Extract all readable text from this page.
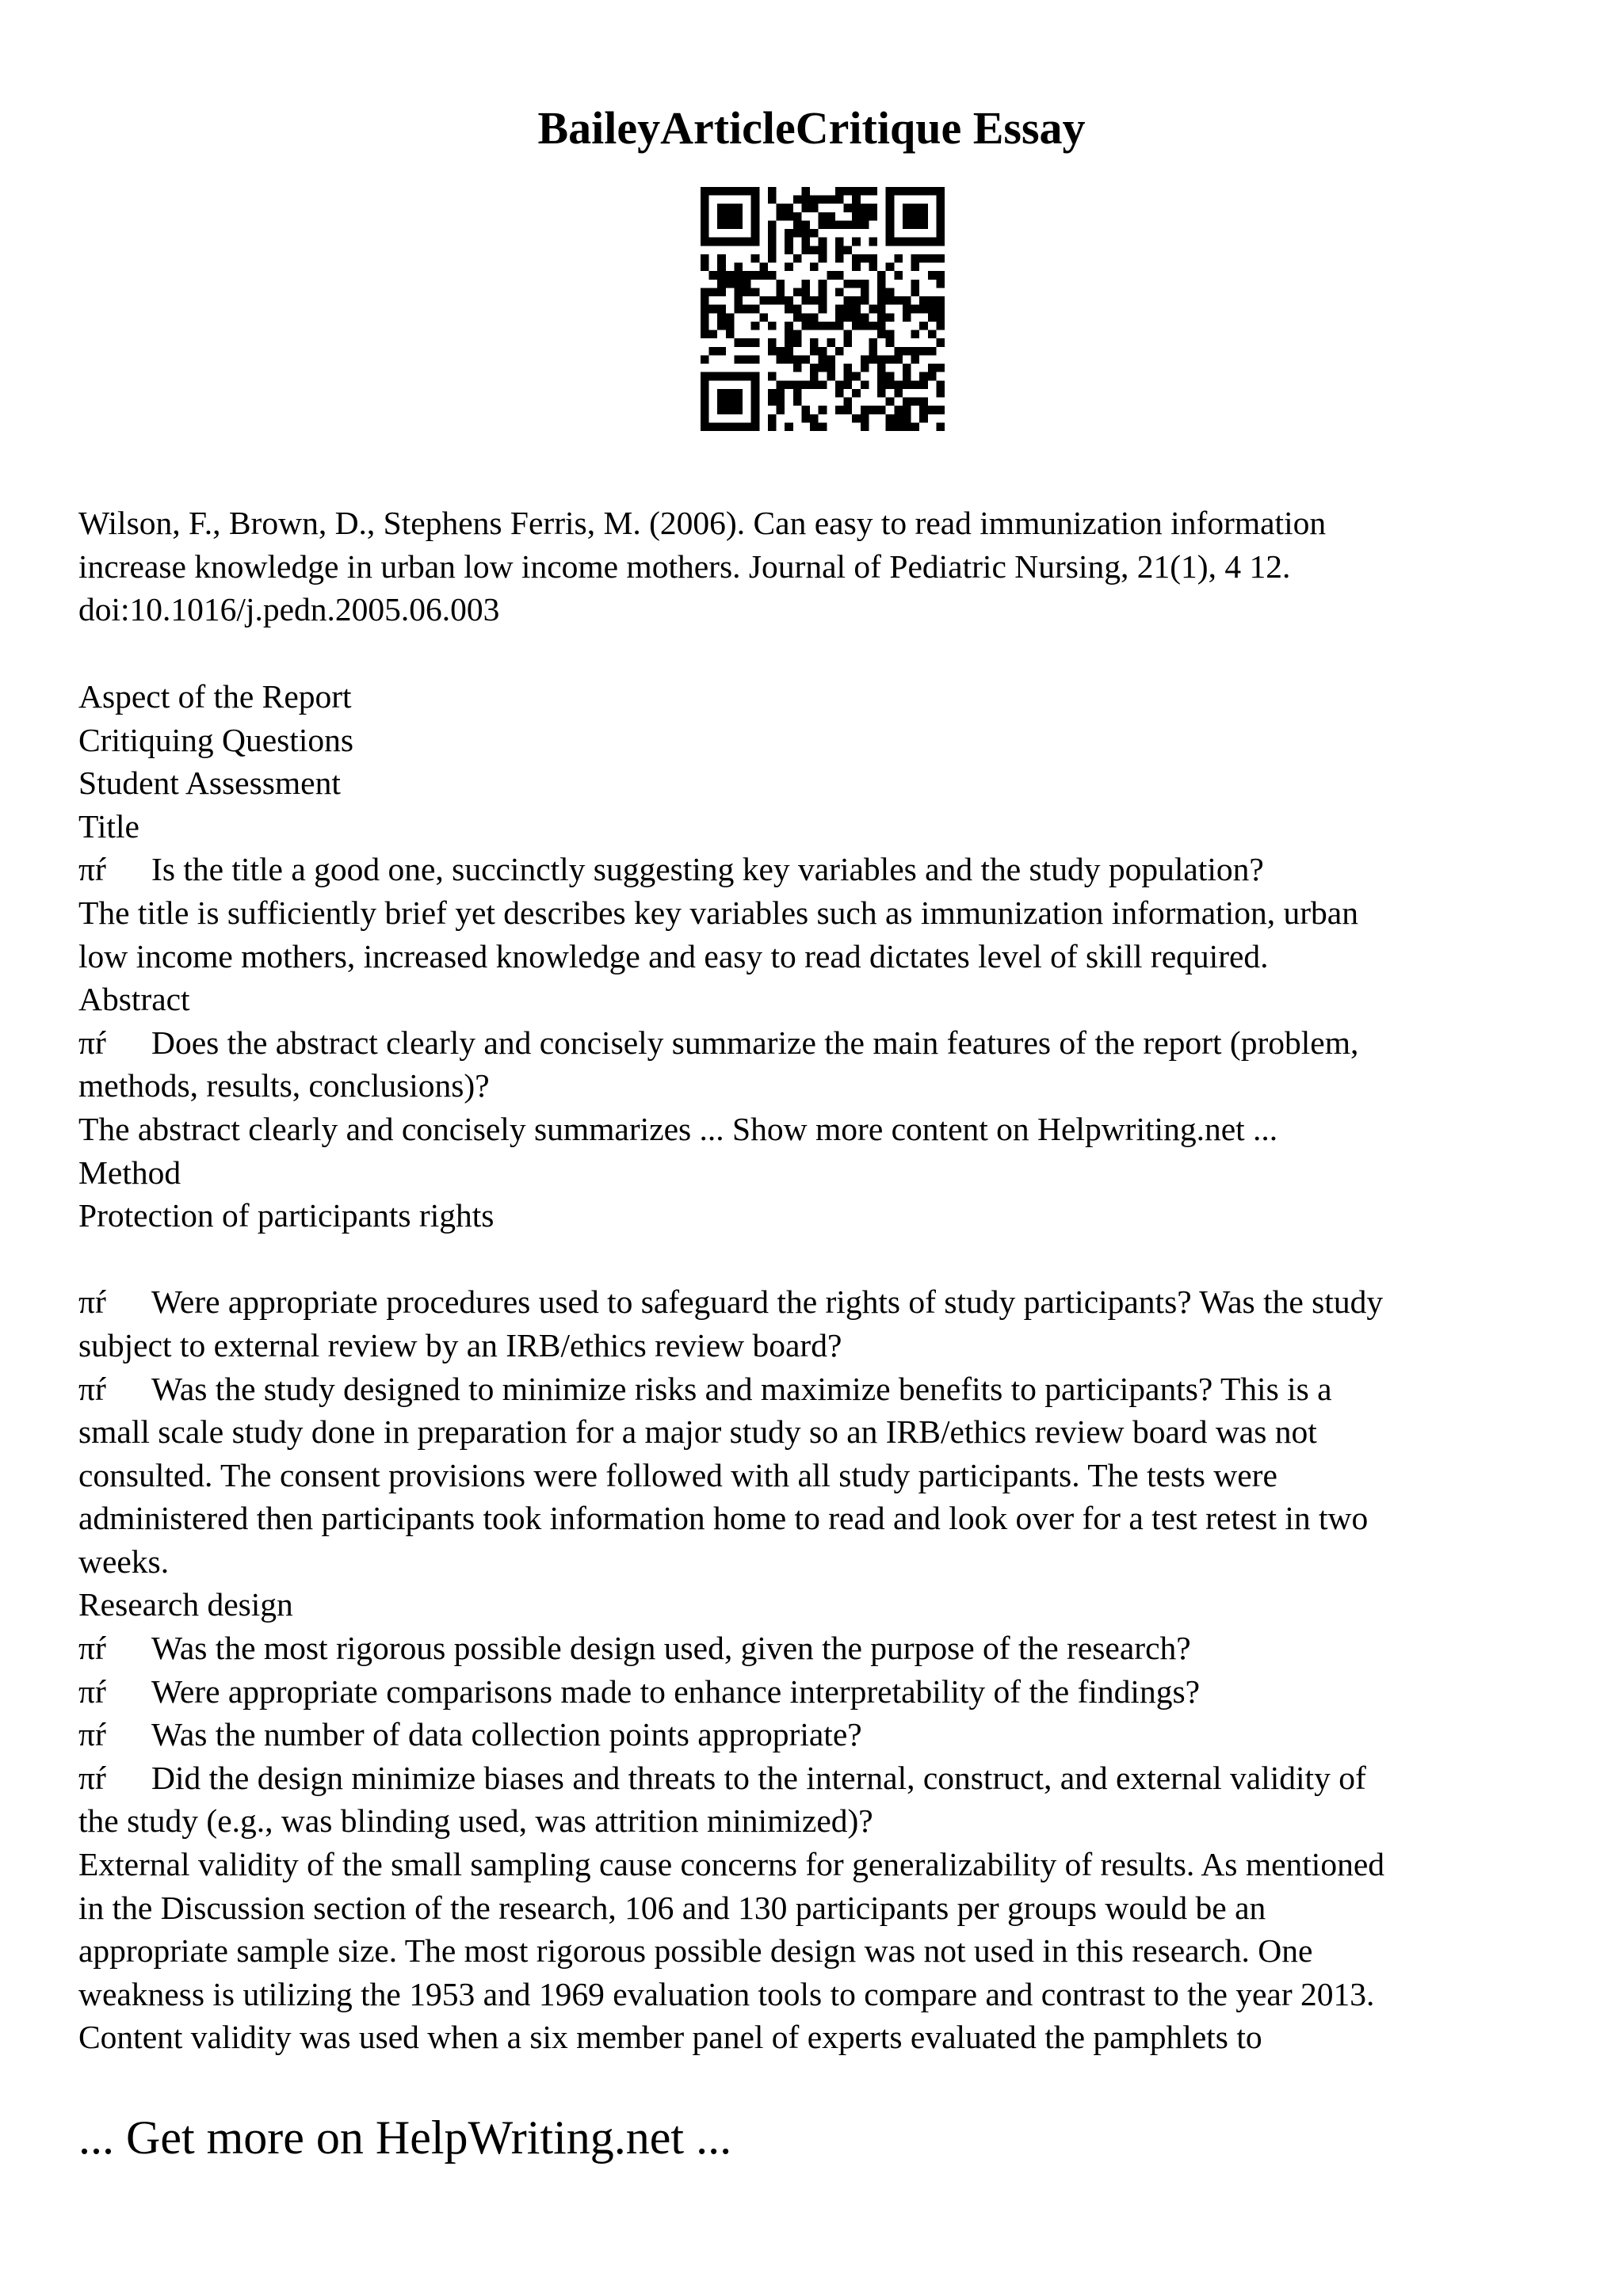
BaileyArticleCritique Essay
Wilson, F., Brown, D., Stephens Ferris, M. (2006). Can easy to read immunization information
increase knowledge in urban low income mothers. Journal of Pediatric Nursing, 21(1), 4 12.
doi:10.1016/j.pedn.2005.06.003
Aspect of the Report
Critiquing Questions
Student Assessment
Title
πŕ Is the title a good one, succinctly suggesting key variables and the study population?
The title is sufficiently brief yet describes key variables such as immunization information, urban
low income mothers, increased knowledge and easy to read dictates level of skill required.
Abstract
πŕ Does the abstract clearly and concisely summarize the main features of the report (problem,
methods, results, conclusions)?
The abstract clearly and concisely summarizes ... Show more content on Helpwriting.net ...
Method
Protection of participants rights
πŕ Were appropriate procedures used to safeguard the rights of study participants? Was the study
subject to external review by an IRB/ethics review board?
πŕ Was the study designed to minimize risks and maximize benefits to participants? This is a
small scale study done in preparation for a major study so an IRB/ethics review board was not
consulted. The consent provisions were followed with all study participants. The tests were
administered then participants took information home to read and look over for a test retest in two
weeks.
Research design
πŕ Was the most rigorous possible design used, given the purpose of the research?
πŕ Were appropriate comparisons made to enhance interpretability of the findings?
πŕ Was the number of data collection points appropriate?
πŕ Did the design minimize biases and threats to the internal, construct, and external validity of
the study (e.g., was blinding used, was attrition minimized)?
External validity of the small sampling cause concerns for generalizability of results. As mentioned
in the Discussion section of the research, 106 and 130 participants per groups would be an
appropriate sample size. The most rigorous possible design was not used in this research. One
weakness is utilizing the 1953 and 1969 evaluation tools to compare and contrast to the year 2013.
Content validity was used when a six member panel of experts evaluated the pamphlets to
... Get more on HelpWriting.net ...
